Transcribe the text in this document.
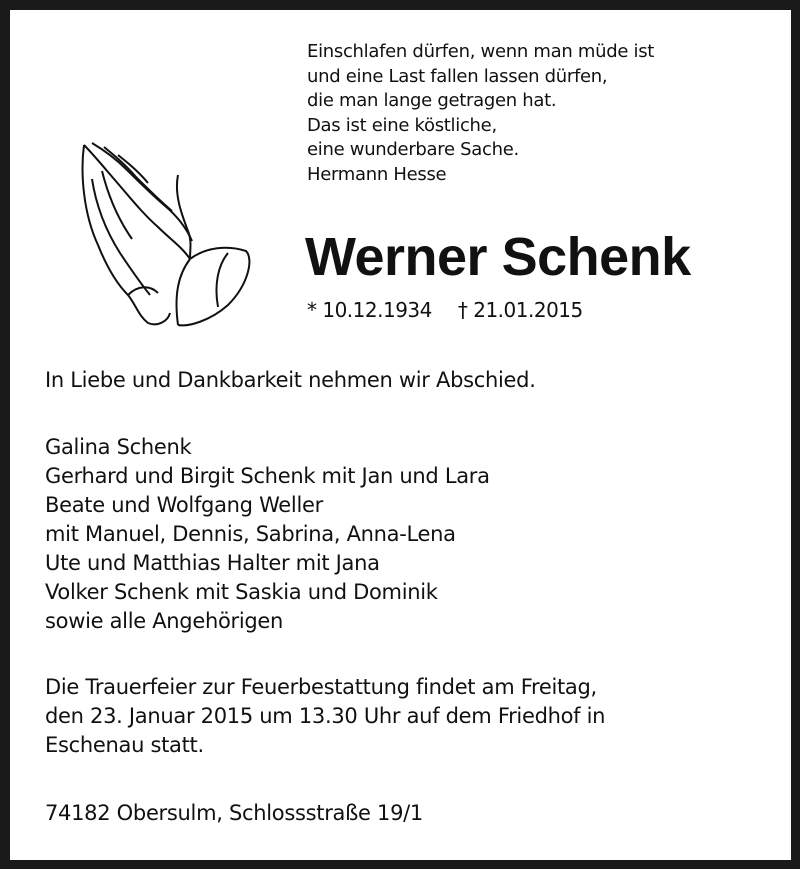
Einschlafen dürfen, wenn man müde ist
und eine Last fallen lassen dürfen,
die man lange getragen hat.
Das ist eine köstliche,
eine wunderbare Sache.
Hermann Hesse
Werner Schenk
* 10.12.1934 † 21.01.2015
In Liebe und Dankbarkeit nehmen wir Abschied.
Galina Schenk
Gerhard und Birgit Schenk mit Jan und Lara
Beate und Wolfgang Weller
mit Manuel, Dennis, Sabrina, Anna-Lena
Ute und Matthias Halter mit Jana
Volker Schenk mit Saskia und Dominik
sowie alle Angehörigen
Die Trauerfeier zur Feuerbestattung findet am Freitag,
den 23. Januar 2015 um 13.30 Uhr auf dem Friedhof in
Eschenau statt.
74182 Obersulm, Schlossstraße 19/1
